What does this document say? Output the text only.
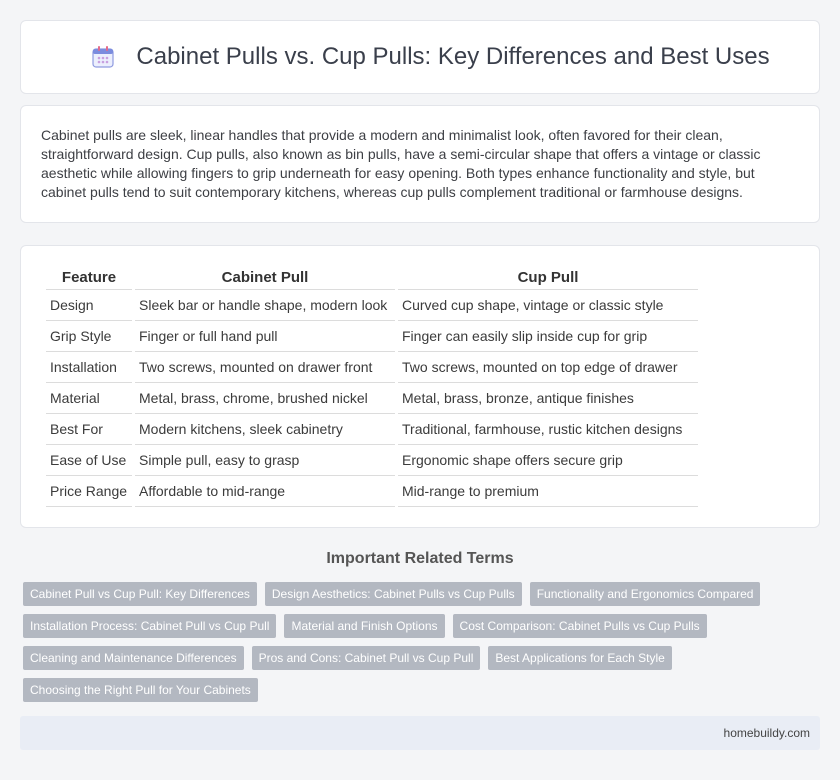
Cabinet Pulls vs. Cup Pulls: Key Differences and Best Uses

Cabinet pulls are sleek, linear handles that provide a modern and minimalist look, often favored for their clean, straightforward design. Cup pulls, also known as bin pulls, have a semi-circular shape that offers a vintage or classic aesthetic while allowing fingers to grip underneath for easy opening. Both types enhance functionality and style, but cabinet pulls tend to suit contemporary kitchens, whereas cup pulls complement traditional or farmhouse designs.

Feature	Cabinet Pull	Cup Pull
Design	Sleek bar or handle shape, modern look	Curved cup shape, vintage or classic style
Grip Style	Finger or full hand pull	Finger can easily slip inside cup for grip
Installation	Two screws, mounted on drawer front	Two screws, mounted on top edge of drawer
Material	Metal, brass, chrome, brushed nickel	Metal, brass, bronze, antique finishes
Best For	Modern kitchens, sleek cabinetry	Traditional, farmhouse, rustic kitchen designs
Ease of Use	Simple pull, easy to grasp	Ergonomic shape offers secure grip
Price Range	Affordable to mid-range	Mid-range to premium
Important Related Terms
Cabinet Pull vs Cup Pull: Key Differences	Design Aesthetics: Cabinet Pulls vs Cup Pulls	Functionality and Ergonomics Compared
Installation Process: Cabinet Pull vs Cup Pull	Material and Finish Options	Cost Comparison: Cabinet Pulls vs Cup Pulls
Cleaning and Maintenance Differences	Pros and Cons: Cabinet Pull vs Cup Pull	Best Applications for Each Style
Choosing the Right Pull for Your Cabinets
homebuildy.com
